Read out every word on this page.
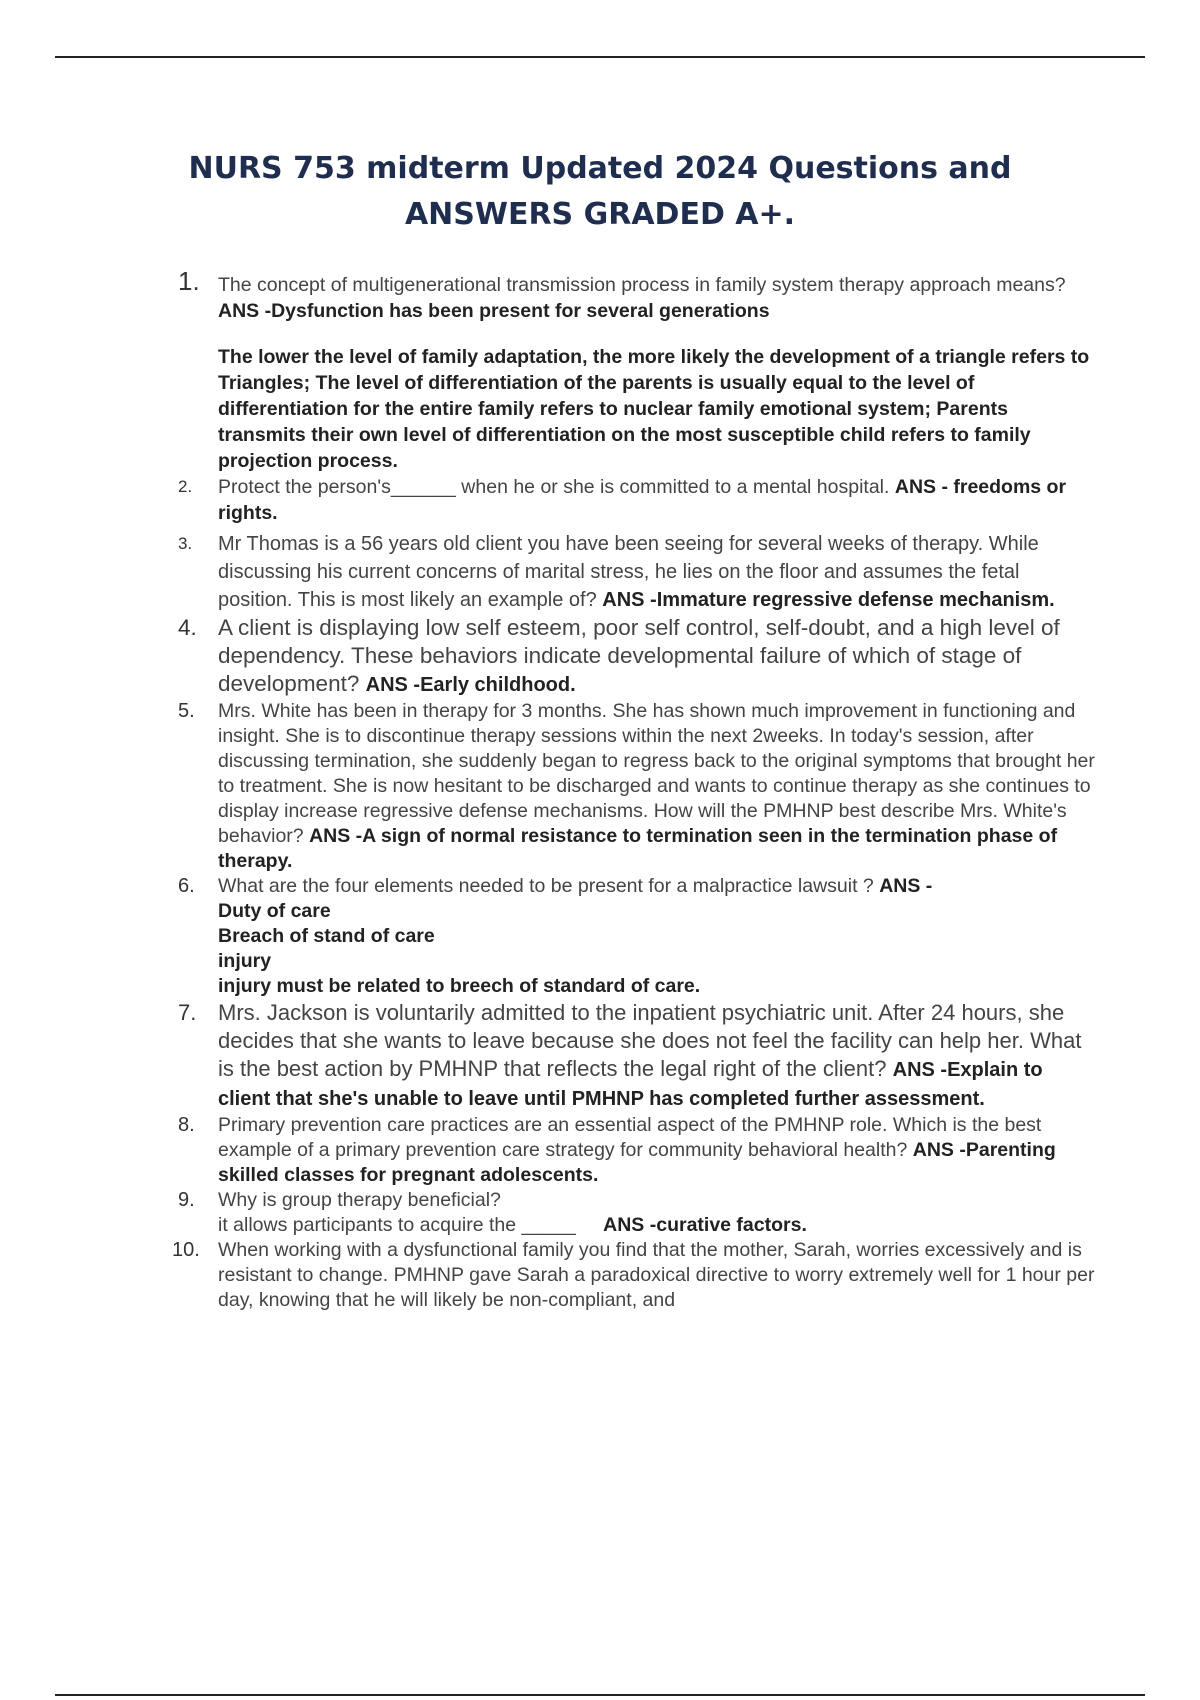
NURS 753 midterm Updated 2024 Questions and ANSWERS GRADED A+.
1. The concept of multigenerational transmission process in family system therapy approach means? ANS -Dysfunction has been present for several generations
The lower the level of family adaptation, the more likely the development of a triangle refers to Triangles; The level of differentiation of the parents is usually equal to the level of differentiation for the entire family refers to nuclear family emotional system; Parents transmits their own level of differentiation on the most susceptible child refers to family projection process.
2. Protect the person's______ when he or she is committed to a mental hospital. ANS - freedoms or rights.
3. Mr Thomas is a 56 years old client you have been seeing for several weeks of therapy. While discussing his current concerns of marital stress, he lies on the floor and assumes the fetal position. This is most likely an example of? ANS -Immature regressive defense mechanism.
4. A client is displaying low self esteem, poor self control, self-doubt, and a high level of dependency. These behaviors indicate developmental failure of which of stage of development? ANS -Early childhood.
5. Mrs. White has been in therapy for 3 months. She has shown much improvement in functioning and insight. She is to discontinue therapy sessions within the next 2weeks. In today's session, after discussing termination, she suddenly began to regress back to the original symptoms that brought her to treatment. She is now hesitant to be discharged and wants to continue therapy as she continues to display increase regressive defense mechanisms. How will the PMHNP best describe Mrs. White's behavior? ANS -A sign of normal resistance to termination seen in the termination phase of therapy.
6. What are the four elements needed to be present for a malpractice lawsuit ? ANS -
Duty of care
Breach of stand of care
injury
injury must be related to breech of standard of care.
7. Mrs. Jackson is voluntarily admitted to the inpatient psychiatric unit. After 24 hours, she decides that she wants to leave because she does not feel the facility can help her. What is the best action by PMHNP that reflects the legal right of the client? ANS -Explain to client that she's unable to leave until PMHNP has completed further assessment.
8. Primary prevention care practices are an essential aspect of the PMHNP role. Which is the best example of a primary prevention care strategy for community behavioral health? ANS -Parenting skilled classes for pregnant adolescents.
9. Why is group therapy beneficial?
it allows participants to acquire the _____ ANS -curative factors.
10. When working with a dysfunctional family you find that the mother, Sarah, worries excessively and is resistant to change. PMHNP gave Sarah a paradoxical directive to worry extremely well for 1 hour per day, knowing that he will likely be non-compliant, and
